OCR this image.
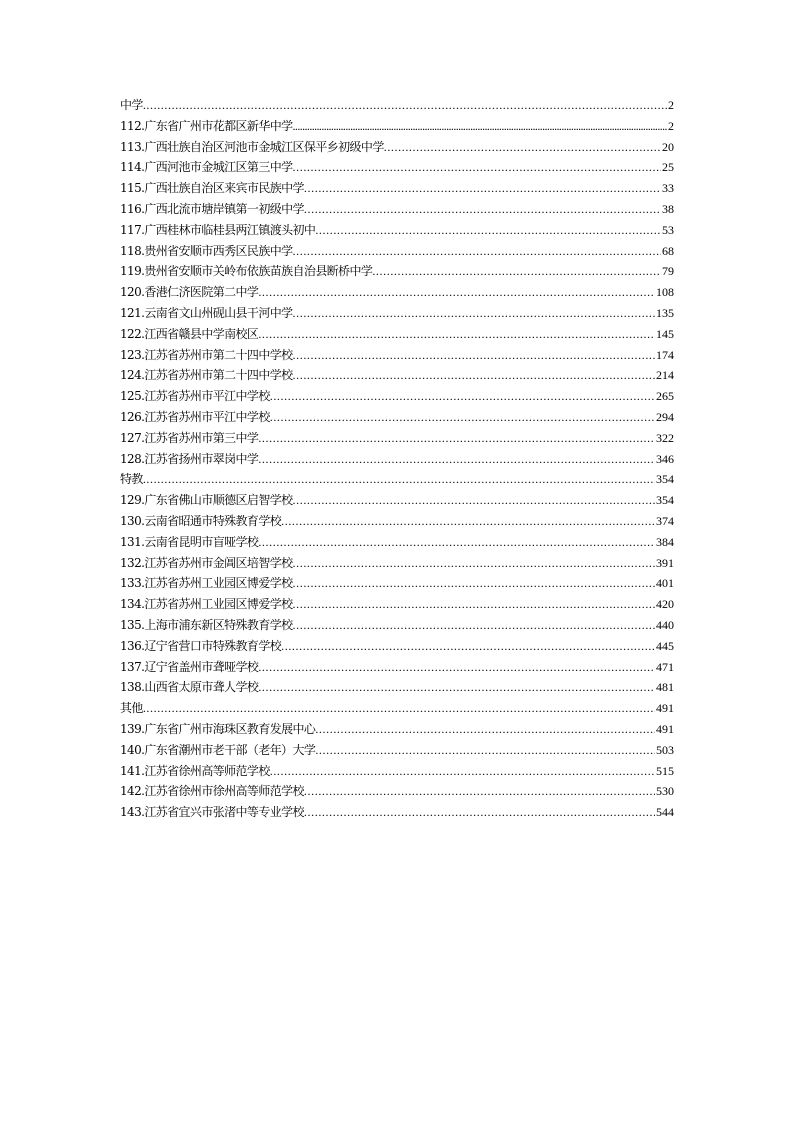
中学 .....	2
112.广东省广州市花都区新华中学 .....	2
113.广西壮族自治区河池市金城江区保平乡初级中学 .....	20
114.广西河池市金城江区第三中学 .....	25
115.广西壮族自治区来宾市民族中学 .....	33
116.广西北流市塘岸镇第一初级中学 .....	38
117.广西桂林市临桂县两江镇渡头初中 .....	53
118.贵州省安顺市西秀区民族中学 .....	68
119.贵州省安顺市关岭布依族苗族自治县断桥中学 .....	79
120.香港仁济医院第二中学 .....	108
121.云南省文山州砚山县干河中学 .....	135
122.江西省赣县中学南校区 .....	145
123.江苏省苏州市第二十四中学校 .....	174
124.江苏省苏州市第二十四中学校 .....	214
125.江苏省苏州市平江中学校 .....	265
126.江苏省苏州市平江中学校 .....	294
127.江苏省苏州市第三中学 .....	322
128.江苏省扬州市翠岗中学 .....	346
特教 .....	354
129.广东省佛山市顺德区启智学校 .....	354
130.云南省昭通市特殊教育学校 .....	374
131.云南省昆明市盲哑学校 .....	384
132.江苏省苏州市金阊区培智学校 .....	391
133.江苏省苏州工业园区博爱学校 .....	401
134.江苏省苏州工业园区博爱学校 .....	420
135.上海市浦东新区特殊教育学校 .....	440
136.辽宁省营口市特殊教育学校 .....	445
137.辽宁省盖州市聋哑学校 .....	471
138.山西省太原市聋人学校 .....	481
其他 .....	491
139.广东省广州市海珠区教育发展中心 .....	491
140.广东省潮州市老干部（老年）大学 .....	503
141.江苏省徐州高等师范学校 .....	515
142.江苏省徐州市徐州高等师范学校 .....	530
143.江苏省宜兴市张渚中等专业学校 .....	544
